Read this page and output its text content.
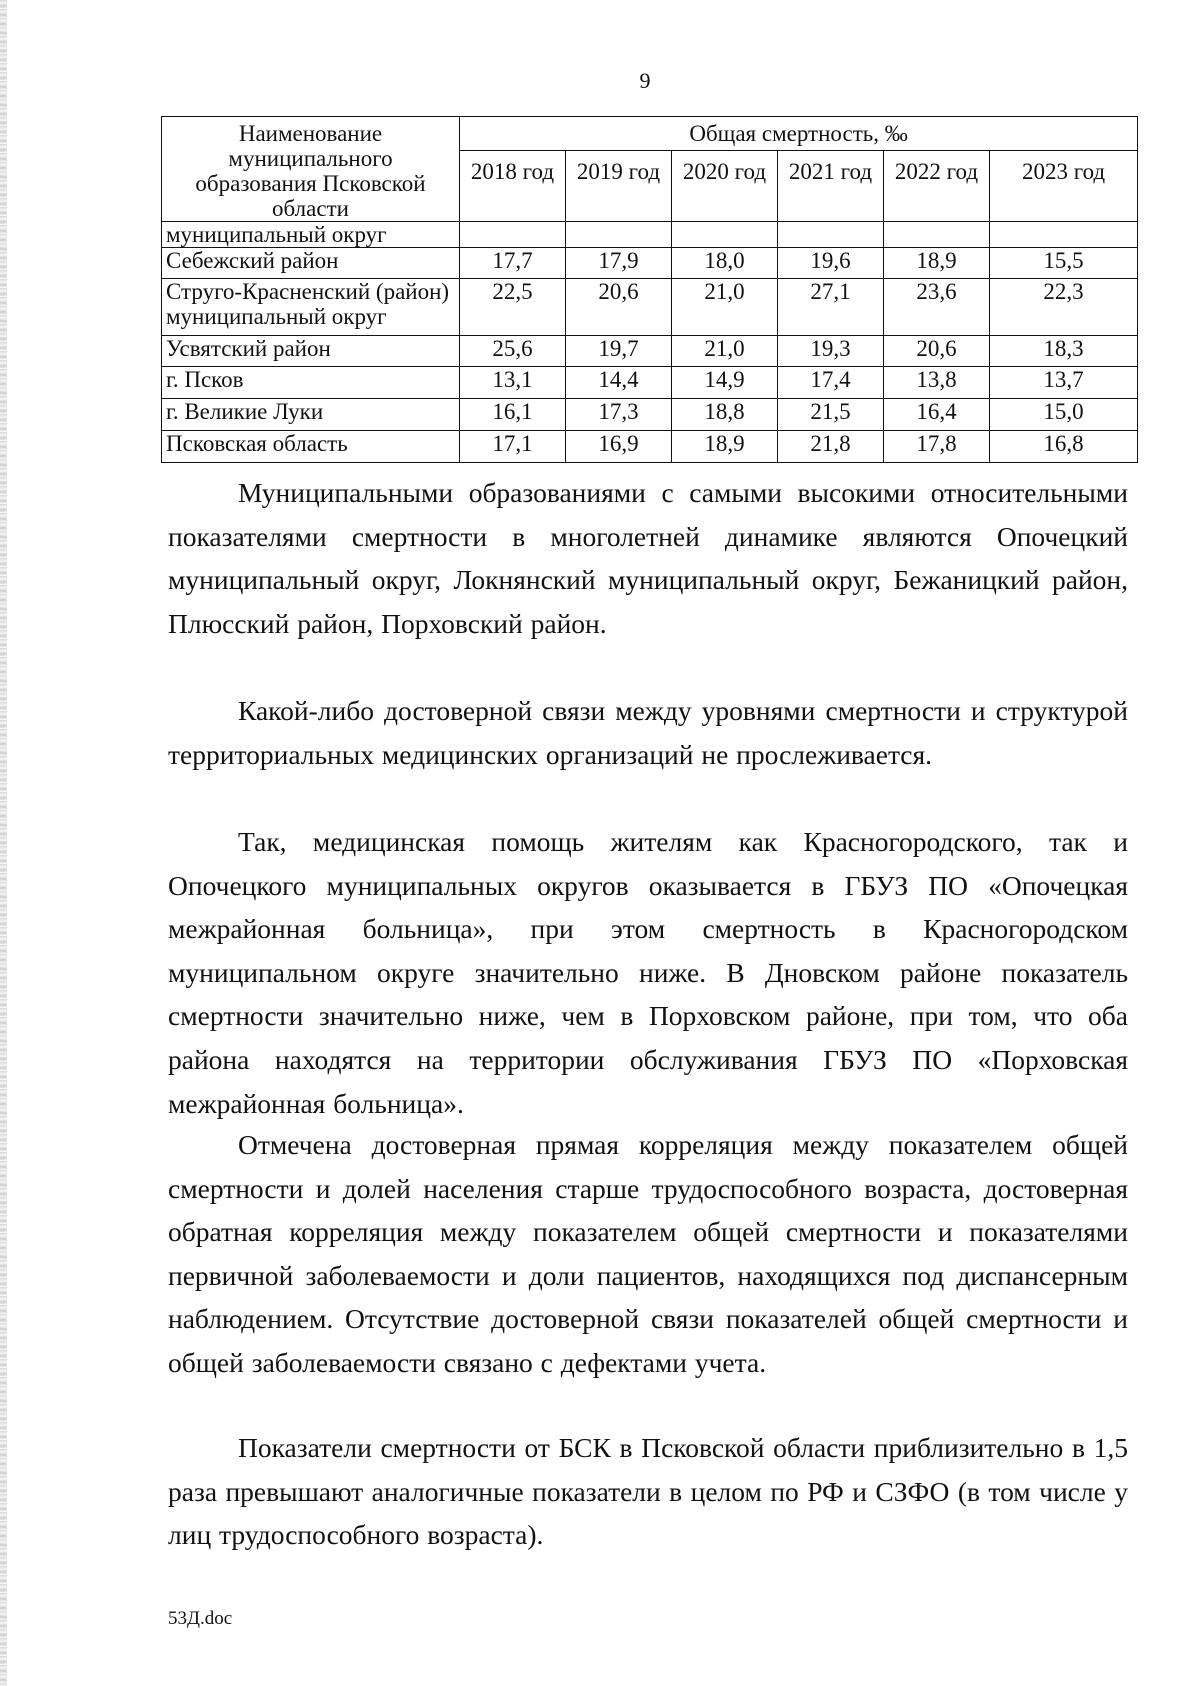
9
Наименование муниципального образования Псковской области	Общая смертность, ‰					
	2018 год	2019 год	2020 год	2021 год	2022 год	2023 год
муниципальный округ						
Себежский район	17,7	17,9	18,0	19,6	18,9	15,5
Струго-Красненский (район) муниципальный округ	22,5	20,6	21,0	27,1	23,6	22,3
Усвятский район	25,6	19,7	21,0	19,3	20,6	18,3
г. Псков	13,1	14,4	14,9	17,4	13,8	13,7
г. Великие Луки	16,1	17,3	18,8	21,5	16,4	15,0
Псковская область	17,1	16,9	18,9	21,8	17,8	16,8

Муниципальными образованиями с самыми высокими относительными показателями смертности в многолетней динамике являются Опочецкий муниципальный округ, Локнянский муниципальный округ, Бежаницкий район, Плюсский район, Порховский район.

Какой-либо достоверной связи между уровнями смертности и структурой территориальных медицинских организаций не прослеживается.

Так, медицинская помощь жителям как Красногородского, так и Опочецкого муниципальных округов оказывается в ГБУЗ ПО «Опочецкая межрайонная больница», при этом смертность в Красногородском муниципальном округе значительно ниже. В Дновском районе показатель смертности значительно ниже, чем в Порховском районе, при том, что оба района находятся на территории обслуживания ГБУЗ ПО «Порховская межрайонная больница».

Отмечена достоверная прямая корреляция между показателем общей смертности и долей населения старше трудоспособного возраста, достоверная обратная корреляция между показателем общей смертности и показателями первичной заболеваемости и доли пациентов, находящихся под диспансерным наблюдением. Отсутствие достоверной связи показателей общей смертности и общей заболеваемости связано с дефектами учета.

Показатели смертности от БСК в Псковской области приблизительно в 1,5 раза превышают аналогичные показатели в целом по РФ и СЗФО (в том числе у лиц трудоспособного возраста).

53Д.doc
